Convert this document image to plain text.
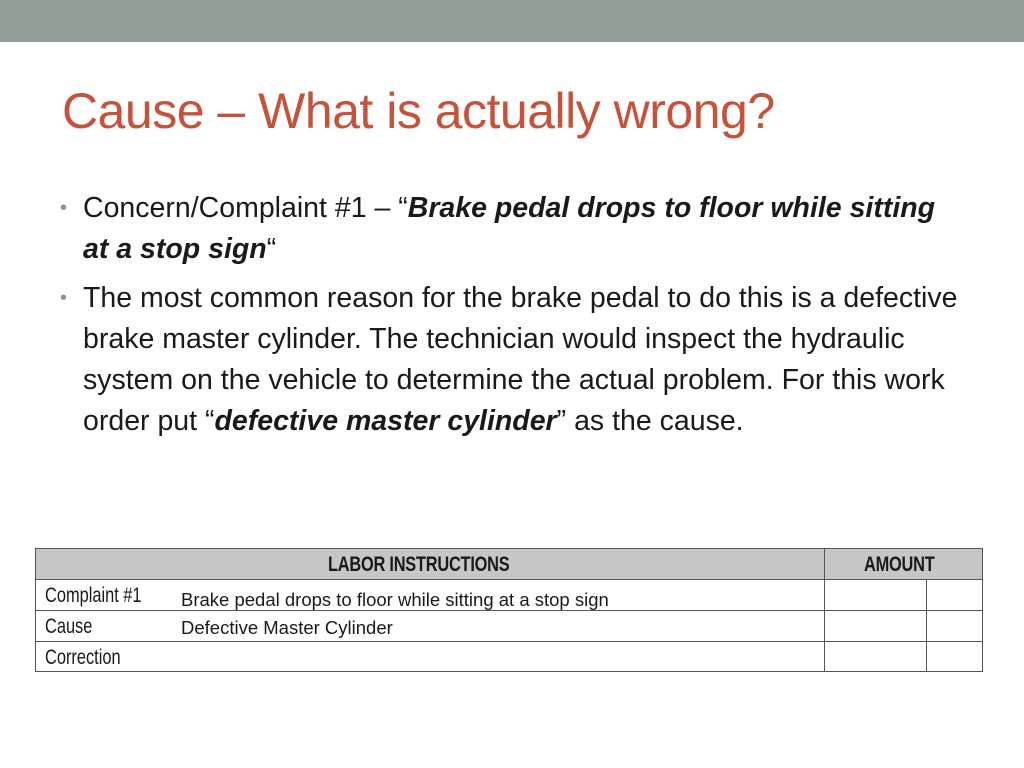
Cause – What is actually wrong?
• Concern/Complaint #1 – “Brake pedal drops to floor while sitting at a stop sign“
• The most common reason for the brake pedal to do this is a defective brake master cylinder. The technician would inspect the hydraulic system on the vehicle to determine the actual problem. For this work order put “defective master cylinder” as the cause.
LABOR INSTRUCTIONS	AMOUNT
Complaint #1 Brake pedal drops to floor while sitting at a stop sign
Cause	Defective Master Cylinder
Correction
